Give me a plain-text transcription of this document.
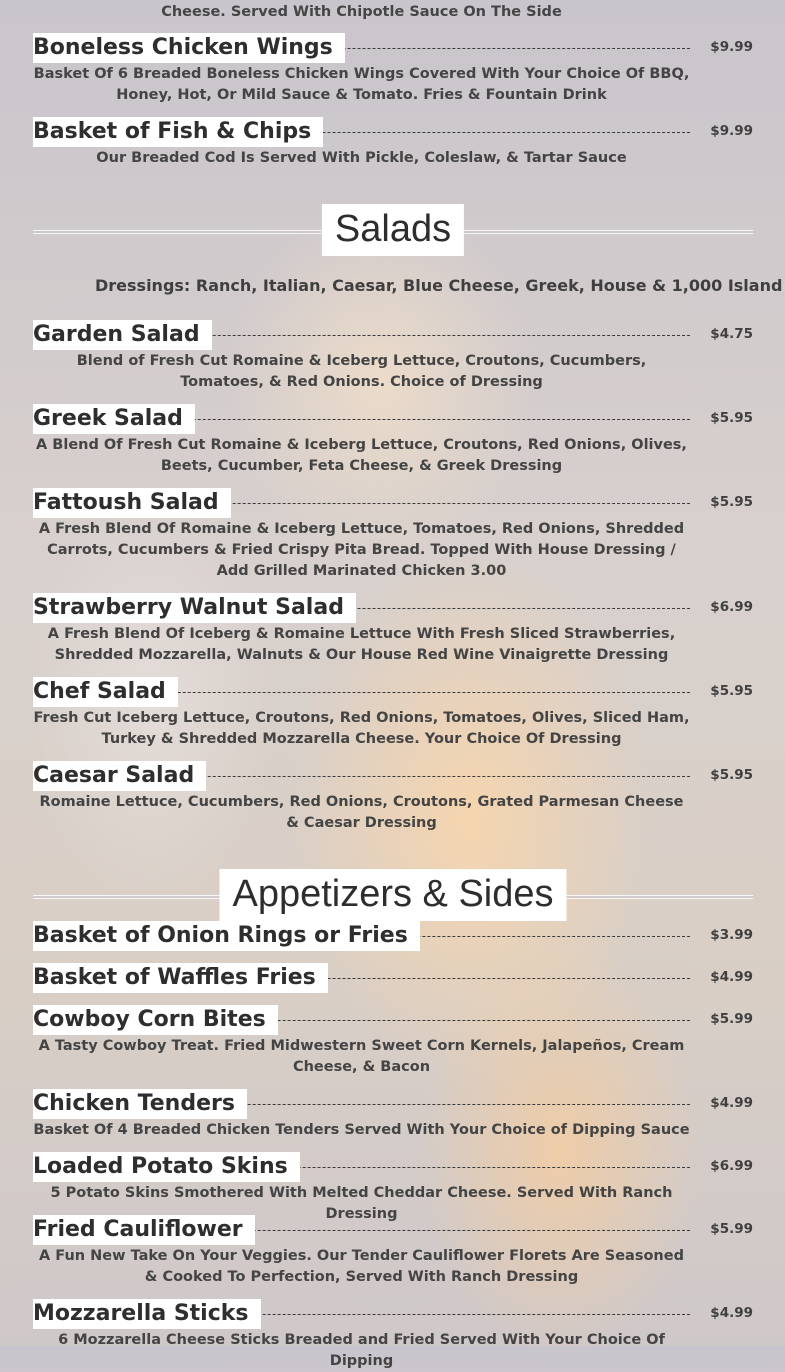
Cheese. Served With Chipotle Sauce On The Side
Boneless Chicken Wings	$9.99
Basket Of 6 Breaded Boneless Chicken Wings Covered With Your Choice Of BBQ, Honey, Hot, Or Mild Sauce & Tomato. Fries & Fountain Drink
Basket of Fish & Chips	$9.99
Our Breaded Cod Is Served With Pickle, Coleslaw, & Tartar Sauce
Salads
Dressings: Ranch, Italian, Caesar, Blue Cheese, Greek, House & 1,000 Island
Garden Salad	$4.75
Blend of Fresh Cut Romaine & Iceberg Lettuce, Croutons, Cucumbers, Tomatoes, & Red Onions. Choice of Dressing
Greek Salad	$5.95
A Blend Of Fresh Cut Romaine & Iceberg Lettuce, Croutons, Red Onions, Olives, Beets, Cucumber, Feta Cheese, & Greek Dressing
Fattoush Salad	$5.95
A Fresh Blend Of Romaine & Iceberg Lettuce, Tomatoes, Red Onions, Shredded Carrots, Cucumbers & Fried Crispy Pita Bread. Topped With House Dressing / Add Grilled Marinated Chicken 3.00
Strawberry Walnut Salad	$6.99
A Fresh Blend Of Iceberg & Romaine Lettuce With Fresh Sliced Strawberries, Shredded Mozzarella, Walnuts & Our House Red Wine Vinaigrette Dressing
Chef Salad	$5.95
Fresh Cut Iceberg Lettuce, Croutons, Red Onions, Tomatoes, Olives, Sliced Ham, Turkey & Shredded Mozzarella Cheese. Your Choice Of Dressing
Caesar Salad	$5.95
Romaine Lettuce, Cucumbers, Red Onions, Croutons, Grated Parmesan Cheese & Caesar Dressing
Appetizers & Sides
Basket of Onion Rings or Fries	$3.99
Basket of Waffles Fries	$4.99
Cowboy Corn Bites	$5.99
A Tasty Cowboy Treat. Fried Midwestern Sweet Corn Kernels, Jalapeños, Cream Cheese, & Bacon
Chicken Tenders	$4.99
Basket Of 4 Breaded Chicken Tenders Served With Your Choice of Dipping Sauce
Loaded Potato Skins	$6.99
5 Potato Skins Smothered With Melted Cheddar Cheese. Served With Ranch Dressing
Fried Cauliflower	$5.99
A Fun New Take On Your Veggies. Our Tender Cauliflower Florets Are Seasoned & Cooked To Perfection, Served With Ranch Dressing
Mozzarella Sticks	$4.99
6 Mozzarella Cheese Sticks Breaded and Fried Served With Your Choice Of Dipping
